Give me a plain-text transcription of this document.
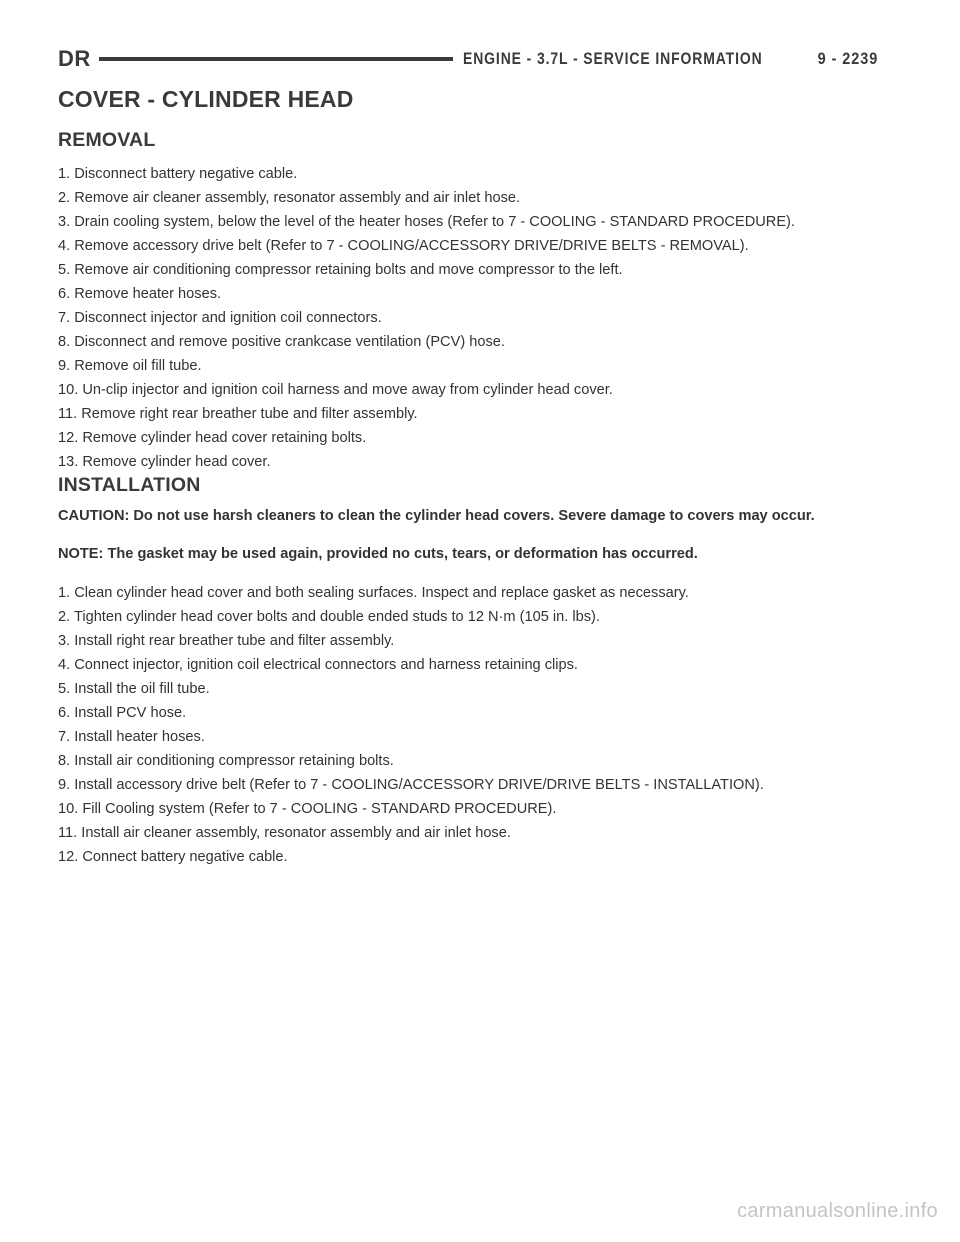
DR	ENGINE - 3.7L - SERVICE INFORMATION	9 - 2239
COVER - CYLINDER HEAD
REMOVAL
1. Disconnect battery negative cable.
2. Remove air cleaner assembly, resonator assembly and air inlet hose.
3. Drain cooling system, below the level of the heater hoses (Refer to 7 - COOLING - STANDARD PROCEDURE).
4. Remove accessory drive belt (Refer to 7 - COOLING/ACCESSORY DRIVE/DRIVE BELTS - REMOVAL).
5. Remove air conditioning compressor retaining bolts and move compressor to the left.
6. Remove heater hoses.
7. Disconnect injector and ignition coil connectors.
8. Disconnect and remove positive crankcase ventilation (PCV) hose.
9. Remove oil fill tube.
10. Un-clip injector and ignition coil harness and move away from cylinder head cover.
11. Remove right rear breather tube and filter assembly.
12. Remove cylinder head cover retaining bolts.
13. Remove cylinder head cover.
INSTALLATION

CAUTION: Do not use harsh cleaners to clean the cylinder head covers. Severe damage to covers may occur.

NOTE: The gasket may be used again, provided no cuts, tears, or deformation has occurred.

1. Clean cylinder head cover and both sealing surfaces. Inspect and replace gasket as necessary.
2. Tighten cylinder head cover bolts and double ended studs to 12 N·m (105 in. lbs).
3. Install right rear breather tube and filter assembly.
4. Connect injector, ignition coil electrical connectors and harness retaining clips.
5. Install the oil fill tube.
6. Install PCV hose.
7. Install heater hoses.
8. Install air conditioning compressor retaining bolts.
9. Install accessory drive belt (Refer to 7 - COOLING/ACCESSORY DRIVE/DRIVE BELTS - INSTALLATION).
10. Fill Cooling system (Refer to 7 - COOLING - STANDARD PROCEDURE).
11. Install air cleaner assembly, resonator assembly and air inlet hose.
12. Connect battery negative cable.
carmanualsonline.info
